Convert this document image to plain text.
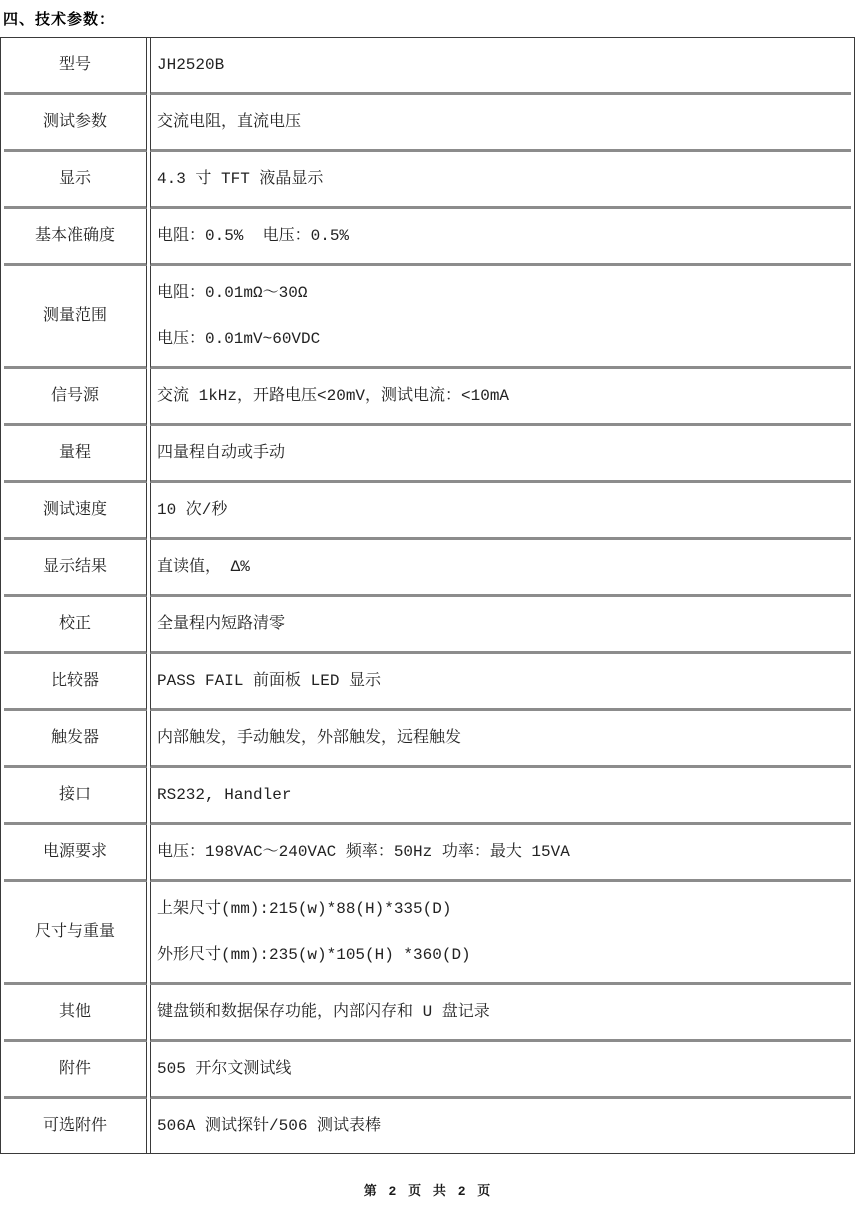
四、技术参数：
型号	JH2520B

测试参数	交流电阻，直流电压

显示	4.3 寸 TFT 液晶显示

基本准确度	电阻：0.5%  电压：0.5%

测量范围	电阻：0.01mΩ～30Ω
电压：0.01mV~60VDC

信号源	交流 1kHz，开路电压<20mV，测试电流：<10mA

量程	四量程自动或手动

测试速度	10 次/秒

显示结果	直读值， Δ%

校正	全量程内短路清零

比较器	PASS FAIL 前面板 LED 显示

触发器	内部触发，手动触发，外部触发，远程触发

接口	RS232, Handler

电源要求	电压：198VAC～240VAC 频率：50Hz 功率：最大 15VA

尺寸与重量	上架尺寸(mm):215(w)*88(H)*335(D)
外形尺寸(mm):235(w)*105(H) *360(D)

其他	键盘锁和数据保存功能，内部闪存和 U 盘记录

附件	505 开尔文测试线

可选附件	506A 测试探针/506 测试表棒
第 2 页 共 2 页
